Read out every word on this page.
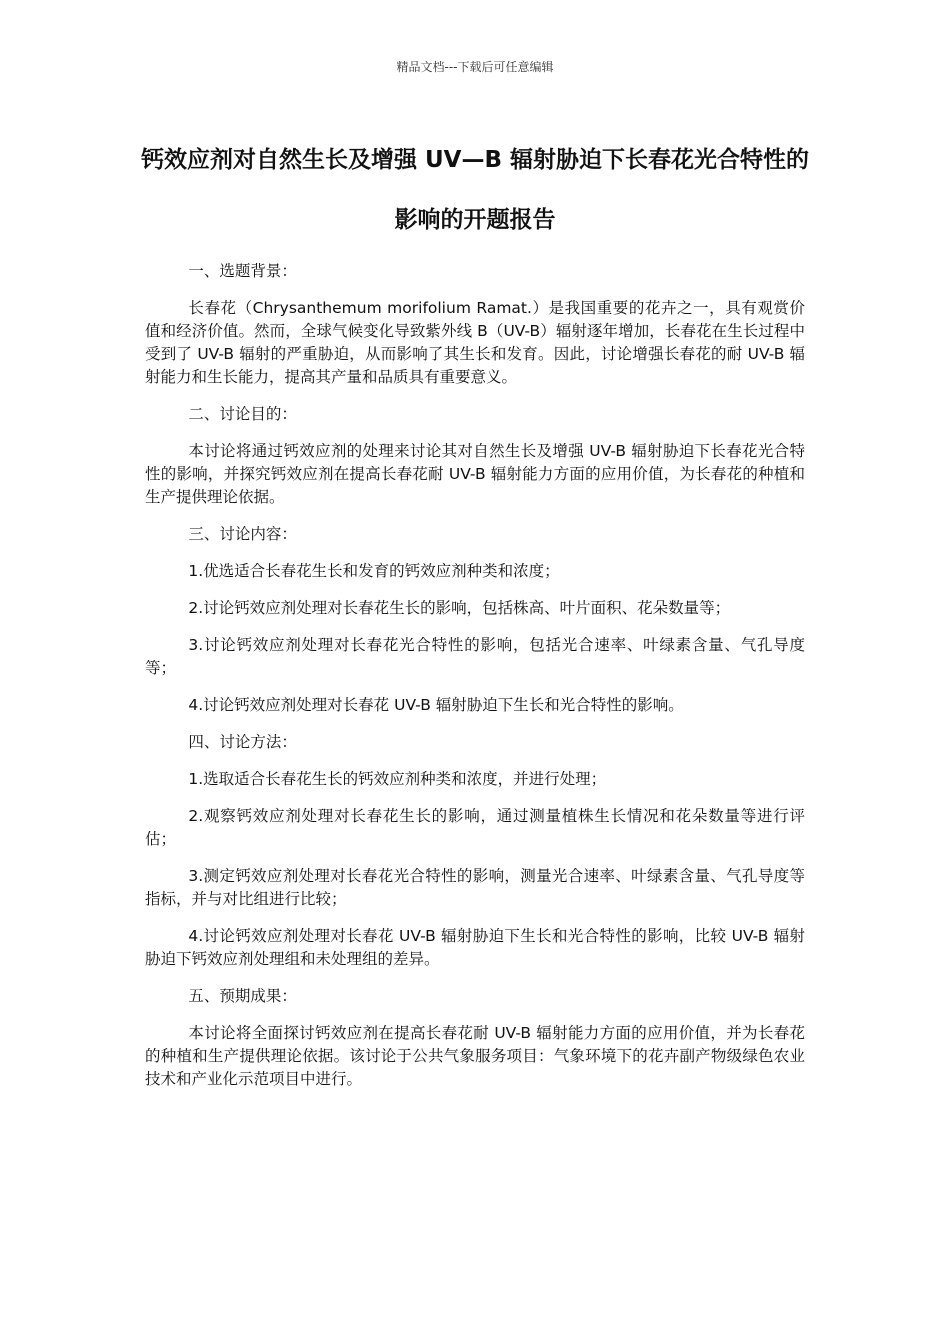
精品文档---下载后可任意编辑
钙效应剂对自然生长及增强 UV—B 辐射胁迫下长春花光合特性的影响的开题报告

一、选题背景：

长春花（Chrysanthemum morifolium Ramat.）是我国重要的花卉之一，具有观赏价值和经济价值。然而，全球气候变化导致紫外线 B（UV-B）辐射逐年增加，长春花在生长过程中受到了 UV-B 辐射的严重胁迫，从而影响了其生长和发育。因此，讨论增强长春花的耐 UV-B 辐射能力和生长能力，提高其产量和品质具有重要意义。

二、讨论目的：

本讨论将通过钙效应剂的处理来讨论其对自然生长及增强 UV-B 辐射胁迫下长春花光合特性的影响，并探究钙效应剂在提高长春花耐 UV-B 辐射能力方面的应用价值，为长春花的种植和生产提供理论依据。

三、讨论内容：

1.优选适合长春花生长和发育的钙效应剂种类和浓度；

2.讨论钙效应剂处理对长春花生长的影响，包括株高、叶片面积、花朵数量等；

3.讨论钙效应剂处理对长春花光合特性的影响，包括光合速率、叶绿素含量、气孔导度等；

4.讨论钙效应剂处理对长春花 UV-B 辐射胁迫下生长和光合特性的影响。

四、讨论方法：

1.选取适合长春花生长的钙效应剂种类和浓度，并进行处理；

2.观察钙效应剂处理对长春花生长的影响，通过测量植株生长情况和花朵数量等进行评估；

3.测定钙效应剂处理对长春花光合特性的影响，测量光合速率、叶绿素含量、气孔导度等指标，并与对比组进行比较；

4.讨论钙效应剂处理对长春花 UV-B 辐射胁迫下生长和光合特性的影响，比较 UV-B 辐射胁迫下钙效应剂处理组和未处理组的差异。

五、预期成果：

本讨论将全面探讨钙效应剂在提高长春花耐 UV-B 辐射能力方面的应用价值，并为长春花的种植和生产提供理论依据。该讨论于公共气象服务项目：气象环境下的花卉副产物级绿色农业技术和产业化示范项目中进行。
